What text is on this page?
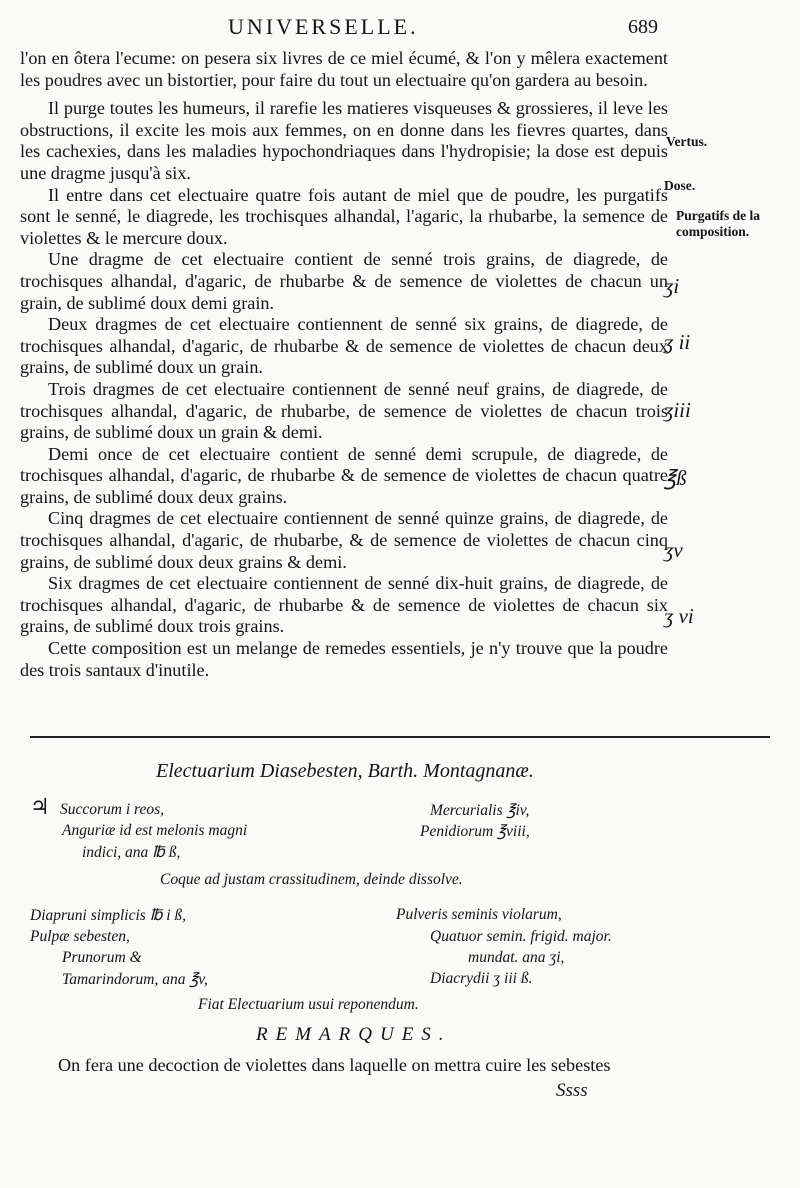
UNIVERSELLE.	689

l'on en ôtera l'ecume: on pesera six livres de ce miel écumé, & l'on y mêlera exactement les poudres avec un bistortier, pour faire du tout un electuaire qu'on gardera au besoin.

Il purge toutes les humeurs, il rarefie les matieres visqueuses & grossieres, il leve les obstructions, il excite les mois aux femmes, on en donne dans les fievres quartes, dans les cachexies, dans les maladies hypochondriaques dans l'hydropisie; la dose est depuis une dragme jusqu'à six.

Il entre dans cet electuaire quatre fois autant de miel que de poudre, les purgatifs sont le senné, le diagrede, les trochisques alhandal, l'agaric, la rhubarbe, la semence de violettes & le mercure doux.

Une dragme de cet electuaire contient de senné trois grains, de diagrede, de trochisques alhandal, d'agaric, de rhubarbe & de semence de violettes de chacun un grain, de sublimé doux demi grain.

Deux dragmes de cet electuaire contiennent de senné six grains, de diagrede, de trochisques alhandal, d'agaric, de rhubarbe & de semence de violettes de chacun deux grains, de sublimé doux un grain.

Trois dragmes de cet electuaire contiennent de senné neuf grains, de diagrede, de trochisques alhandal, d'agaric, de rhubarbe, de semence de violettes de chacun trois grains, de sublimé doux un grain & demi.

Demi once de cet electuaire contient de senné demi scrupule, de diagrede, de trochisques alhandal, d'agaric, de rhubarbe & de semence de violettes de chacun quatre grains, de sublimé doux deux grains.

Cinq dragmes de cet electuaire contiennent de senné quinze grains, de diagrede, de trochisques alhandal, d'agaric, de rhubarbe, & de semence de violettes de chacun cinq grains, de sublimé doux deux grains & demi.

Six dragmes de cet electuaire contiennent de senné dix-huit grains, de diagrede, de trochisques alhandal, d'agaric, de rhubarbe & de semence de violettes de chacun six grains, de sublimé doux trois grains.

Cette composition est un melange de remedes essentiels, je n'y trouve que la poudre des trois santaux d'inutile.

Vertus.
Dose.
Purgatifs de la composition.
ʒi
ʒ ii
ʒiii
℥ß
ʒv
ʒ vi
Electuarium Diasebesten, Barth. Montagnanæ.
♃ Succorum i reos,
Anguriæ id est melonis magni
indici, ana ℔ ß,
Mercurialis ℥iv,
Penidiorum ℥viii,
Coque ad justam crassitudinem, deinde dissolve.
Diapruni simplicis ℔ i ß,
Pulpæ sebesten,
Prunorum &
Tamarindorum, ana ℥v,
Pulveris seminis violarum,
Quatuor semin. frigid. major.
mundat. ana ʒi,
Diacrydii ʒ iii ß.
Fiat Electuarium usui reponendum.
REMARQUES.
On fera une decoction de violettes dans laquelle on mettra cuire les sebestes
Ssss
